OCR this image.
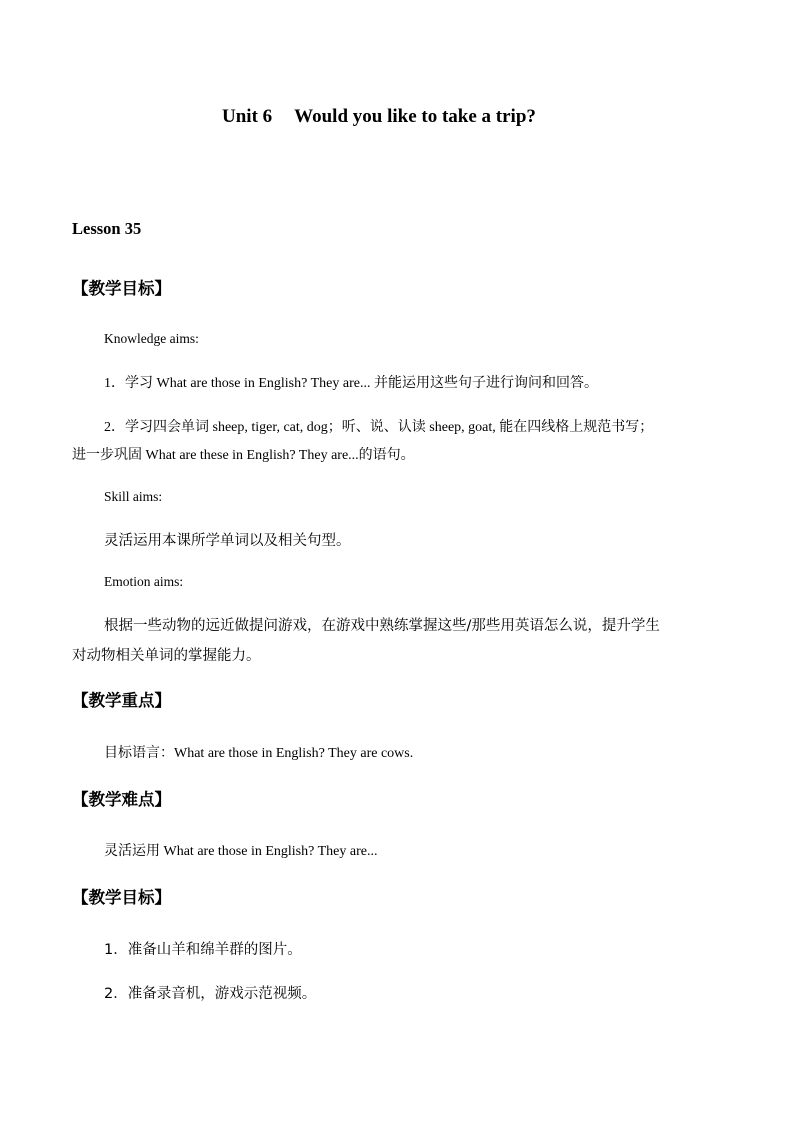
Unit 6 Would you like to take a trip?
Lesson 35
【教学目标】
Knowledge aims:
1．学习 What are those in English? They are... 并能运用这些句子进行询问和回答。
2．学习四会单词 sheep, tiger, cat, dog；听、说、认读 sheep, goat, 能在四线格上规范书写；
进一步巩固 What are these in English? They are...的语句。
Skill aims:
灵活运用本课所学单词以及相关句型。
Emotion aims:
根据一些动物的远近做提问游戏，在游戏中熟练掌握这些/那些用英语怎么说，提升学生
对动物相关单词的掌握能力。
【教学重点】
目标语言：What are those in English? They are cows.
【教学难点】
灵活运用 What are those in English? They are...
【教学目标】
1．准备山羊和绵羊群的图片。
2．准备录音机，游戏示范视频。
